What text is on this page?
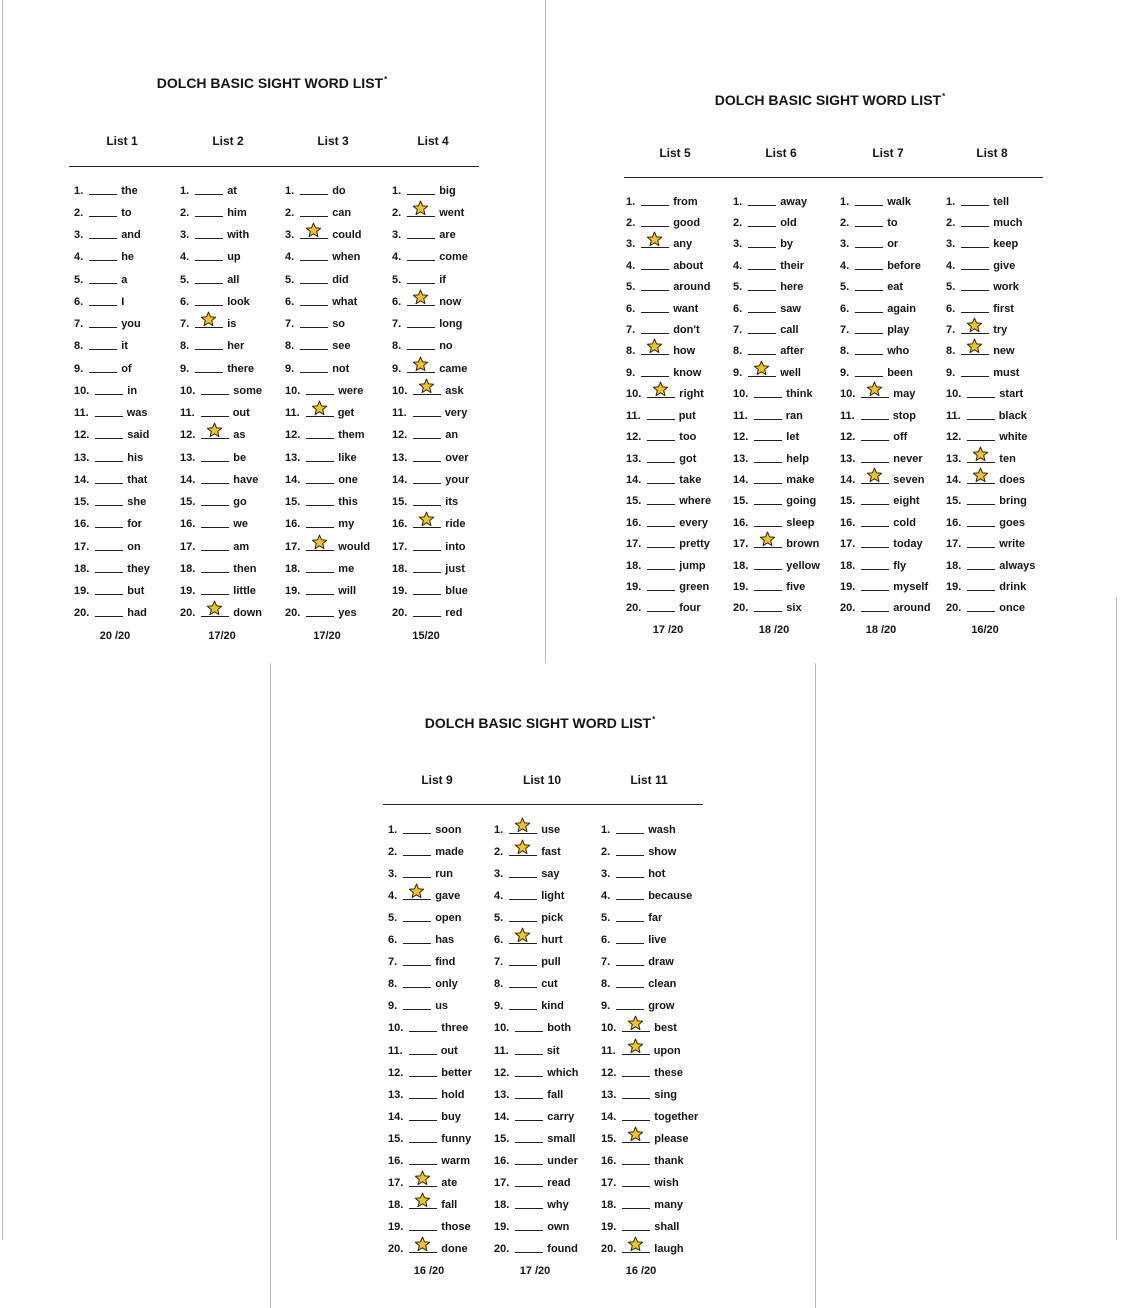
DOLCH BASIC SIGHT WORD LIST*
List 1
1.	the
2.	to
3.	and
4.	he
5.	a
6.	I
7.	you
8.	it
9.	of
10.	in
11.	was
12.	said
13.	his
14.	that
15.	she
16.	for
17.	on
18.	they
19.	but
20.	had
20 /20
List 2
1.	at
2.	him
3.	with
4.	up
5.	all
6.	look
7.	is
8.	her
9.	there
10.	some
11.	out
12.	as
13.	be
14.	have
15.	go
16.	we
17.	am
18.	then
19.	little
20.	down
17/20
List 3
1.	do
2.	can
3.	could
4.	when
5.	did
6.	what
7.	so
8.	see
9.	not
10.	were
11.	get
12.	them
13.	like
14.	one
15.	this
16.	my
17.	would
18.	me
19.	will
20.	yes
17/20
List 4
1.	big
2.	went
3.	are
4.	come
5.	if
6.	now
7.	long
8.	no
9.	came
10.	ask
11.	very
12.	an
13.	over
14.	your
15.	its
16.	ride
17.	into
18.	just
19.	blue
20.	red
15/20
DOLCH BASIC SIGHT WORD LIST*
List 5
1.	from
2.	good
3.	any
4.	about
5.	around
6.	want
7.	don't
8.	how
9.	know
10.	right
11.	put
12.	too
13.	got
14.	take
15.	where
16.	every
17.	pretty
18.	jump
19.	green
20.	four
17 /20
List 6
1.	away
2.	old
3.	by
4.	their
5.	here
6.	saw
7.	call
8.	after
9.	well
10.	think
11.	ran
12.	let
13.	help
14.	make
15.	going
16.	sleep
17.	brown
18.	yellow
19.	five
20.	six
18 /20
List 7
1.	walk
2.	to
3.	or
4.	before
5.	eat
6.	again
7.	play
8.	who
9.	been
10.	may
11.	stop
12.	off
13.	never
14.	seven
15.	eight
16.	cold
17.	today
18.	fly
19.	myself
20.	around
18 /20
List 8
1.	tell
2.	much
3.	keep
4.	give
5.	work
6.	first
7.	try
8.	new
9.	must
10.	start
11.	black
12.	white
13.	ten
14.	does
15.	bring
16.	goes
17.	write
18.	always
19.	drink
20.	once
16/20
DOLCH BASIC SIGHT WORD LIST*
List 9
1.	soon
2.	made
3.	run
4.	gave
5.	open
6.	has
7.	find
8.	only
9.	us
10.	three
11.	out
12.	better
13.	hold
14.	buy
15.	funny
16.	warm
17.	ate
18.	fall
19.	those
20.	done
16 /20
List 10
1.	use
2.	fast
3.	say
4.	light
5.	pick
6.	hurt
7.	pull
8.	cut
9.	kind
10.	both
11.	sit
12.	which
13.	fall
14.	carry
15.	small
16.	under
17.	read
18.	why
19.	own
20.	found
17 /20
List 11
1.	wash
2.	show
3.	hot
4.	because
5.	far
6.	live
7.	draw
8.	clean
9.	grow
10.	best
11.	upon
12.	these
13.	sing
14.	together
15.	please
16.	thank
17.	wish
18.	many
19.	shall
20.	laugh
16 /20
